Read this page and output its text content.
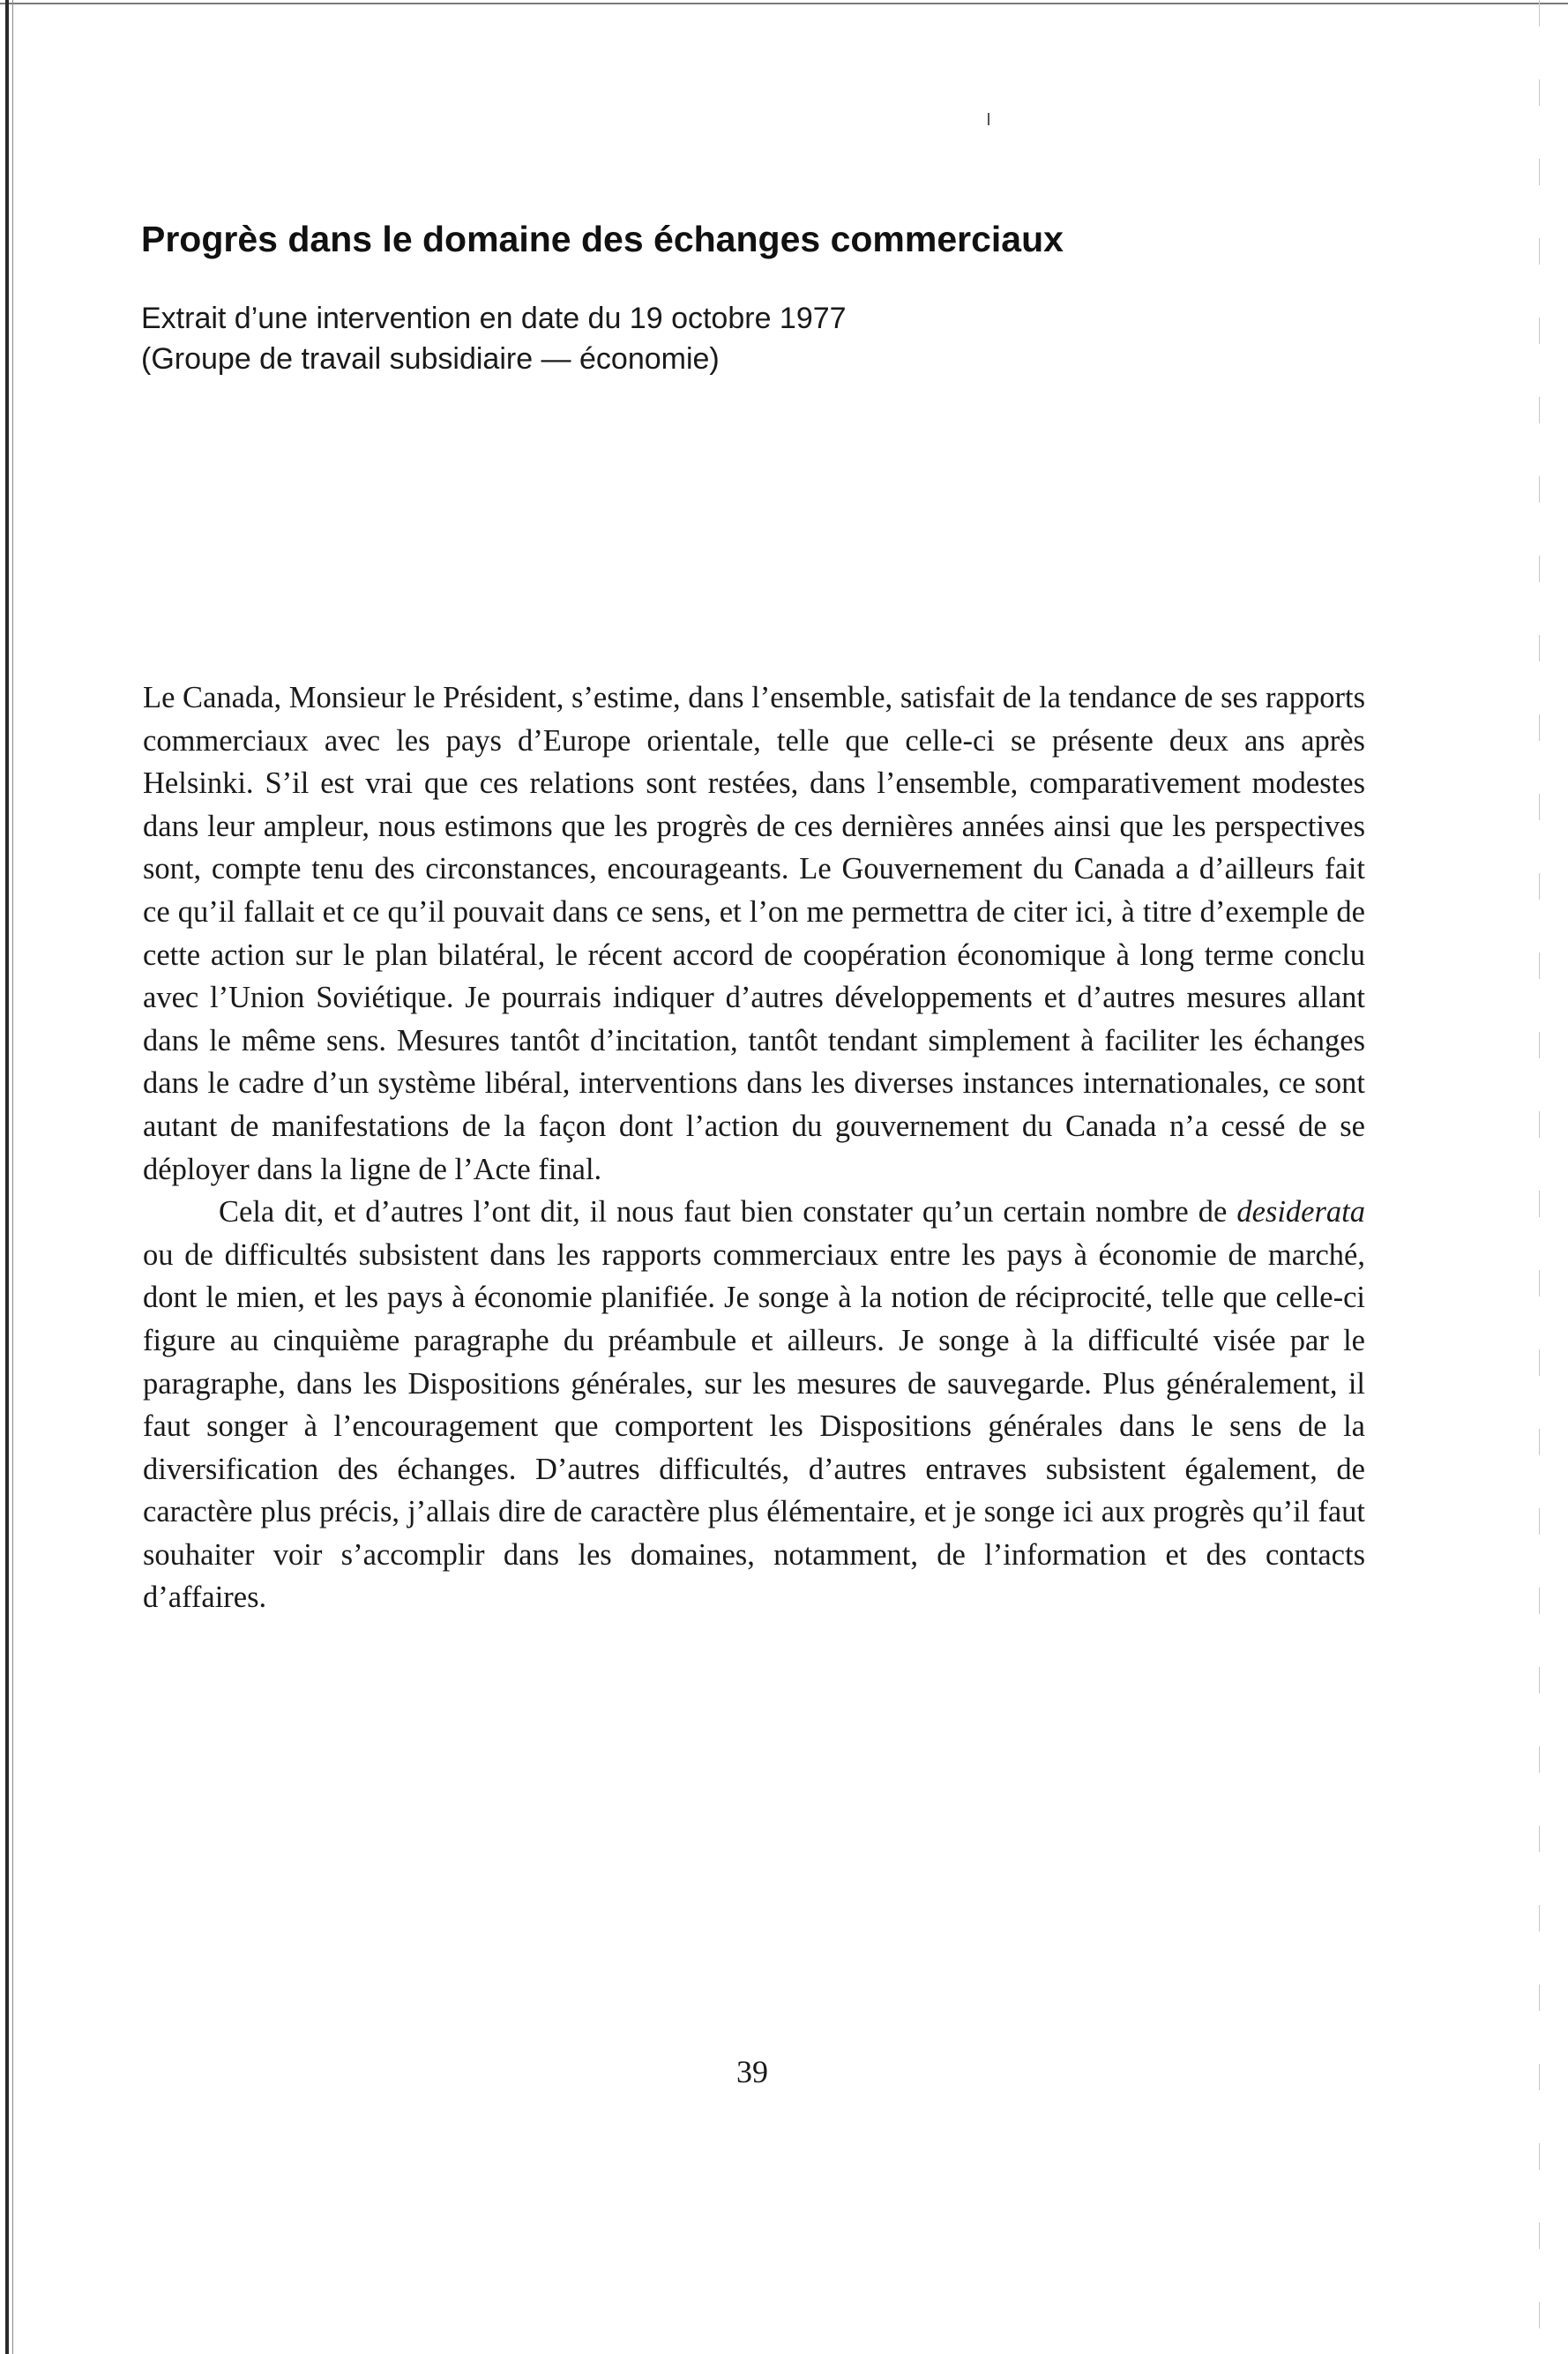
Progrès dans le domaine des échanges commerciaux
Extrait d’une intervention en date du 19 octobre 1977
(Groupe de travail subsidiaire — économie)

Le Canada, Monsieur le Président, s’estime, dans l’ensemble, satisfait de la tendance de ses rapports commerciaux avec les pays d’Europe orientale, telle que celle-ci se présente deux ans après Helsinki. S’il est vrai que ces relations sont restées, dans l’ensemble, comparativement modestes dans leur ampleur, nous estimons que les progrès de ces dernières années ainsi que les perspectives sont, compte tenu des circonstances, encourageants. Le Gouvernement du Canada a d’ailleurs fait ce qu’il fallait et ce qu’il pouvait dans ce sens, et l’on me permettra de citer ici, à titre d’exemple de cette action sur le plan bilatéral, le récent accord de coopération économique à long terme conclu avec l’Union Soviétique. Je pourrais indiquer d’autres développements et d’autres mesures allant dans le même sens. Mesures tantôt d’incitation, tantôt tendant simplement à faciliter les échanges dans le cadre d’un système libéral, interventions dans les diverses instances internationales, ce sont autant de manifestations de la façon dont l’action du gouvernement du Canada n’a cessé de se déployer dans la ligne de l’Acte final.

Cela dit, et d’autres l’ont dit, il nous faut bien constater qu’un certain nombre de desiderata ou de difficultés subsistent dans les rapports commerciaux entre les pays à économie de marché, dont le mien, et les pays à économie planifiée. Je songe à la notion de réciprocité, telle que celle-ci figure au cinquième paragraphe du préambule et ailleurs. Je songe à la difficulté visée par le paragraphe, dans les Dispositions générales, sur les mesures de sauvegarde. Plus généralement, il faut songer à l’encouragement que comportent les Dispositions générales dans le sens de la diversification des échanges. D’autres difficultés, d’autres entraves subsistent également, de caractère plus précis, j’allais dire de caractère plus élémentaire, et je songe ici aux progrès qu’il faut souhaiter voir s’accomplir dans les domaines, notamment, de l’information et des contacts d’affaires.

39
